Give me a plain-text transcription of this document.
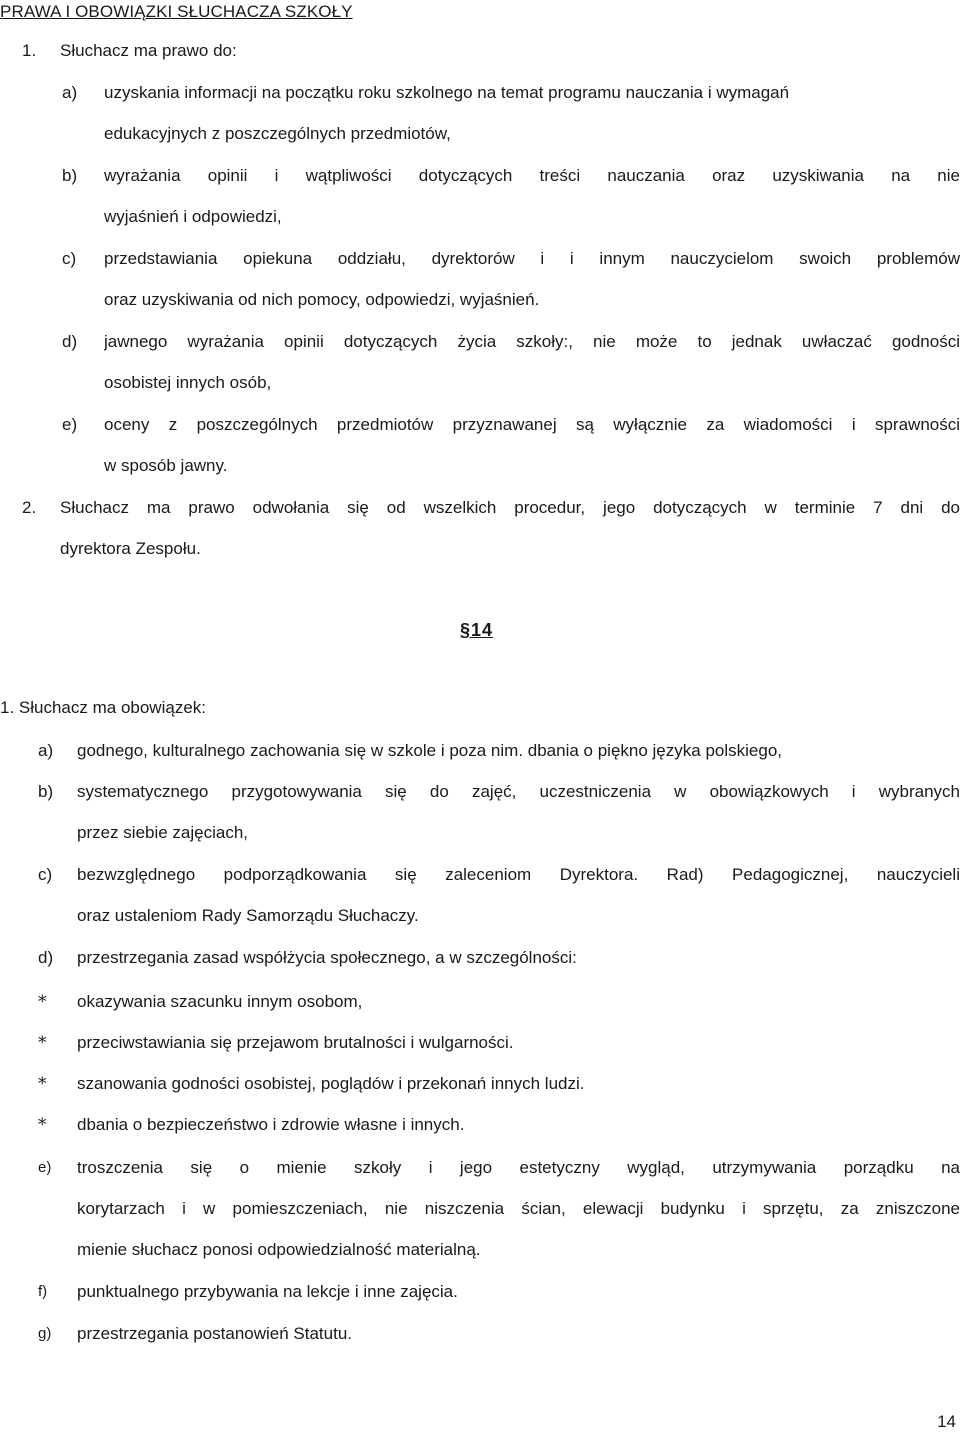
PRAWA I OBOWIĄZKI SŁUCHACZA SZKOŁY
1. Słuchacz ma prawo do:
a) uzyskania informacji na początku roku szkolnego na temat programu nauczania i wymagań
edukacyjnych z poszczególnych przedmiotów,
b) wyrażania opinii i wątpliwości dotyczących treści nauczania oraz uzyskiwania na nie
wyjaśnień i odpowiedzi,
c) przedstawiania opiekuna oddziału, dyrektorów i i innym nauczycielom swoich problemów
oraz uzyskiwania od nich pomocy, odpowiedzi, wyjaśnień.
d) jawnego wyrażania opinii dotyczących życia szkoły:, nie może to jednak uwłaczać godności
osobistej innych osób,
e) oceny z poszczególnych przedmiotów przyznawanej są wyłącznie za wiadomości i sprawności
w sposób jawny.
2. Słuchacz ma prawo odwołania się od wszelkich procedur, jego dotyczących w terminie 7 dni do
dyrektora Zespołu.
§14
1. Słuchacz ma obowiązek:
a) godnego, kulturalnego zachowania się w szkole i poza nim. dbania o piękno języka polskiego,
b) systematycznego przygotowywania się do zajęć, uczestniczenia w obowiązkowych i wybranych
przez siebie zajęciach,
c) bezwzględnego podporządkowania się zaleceniom Dyrektora. Rad) Pedagogicznej, nauczycieli
oraz ustaleniom Rady Samorządu Słuchaczy.
d) przestrzegania zasad współżycia społecznego, a w szczególności:
* okazywania szacunku innym osobom,
* przeciwstawiania się przejawom brutalności i wulgarności.
* szanowania godności osobistej, poglądów i przekonań innych ludzi.
* dbania o bezpieczeństwo i zdrowie własne i innych.
e) troszczenia się o mienie szkoły i jego estetyczny wygląd, utrzymywania porządku na
korytarzach i w pomieszczeniach, nie niszczenia ścian, elewacji budynku i sprzętu, za zniszczone
mienie słuchacz ponosi odpowiedzialność materialną.
f) punktualnego przybywania na lekcje i inne zajęcia.
g) przestrzegania postanowień Statutu.
14
